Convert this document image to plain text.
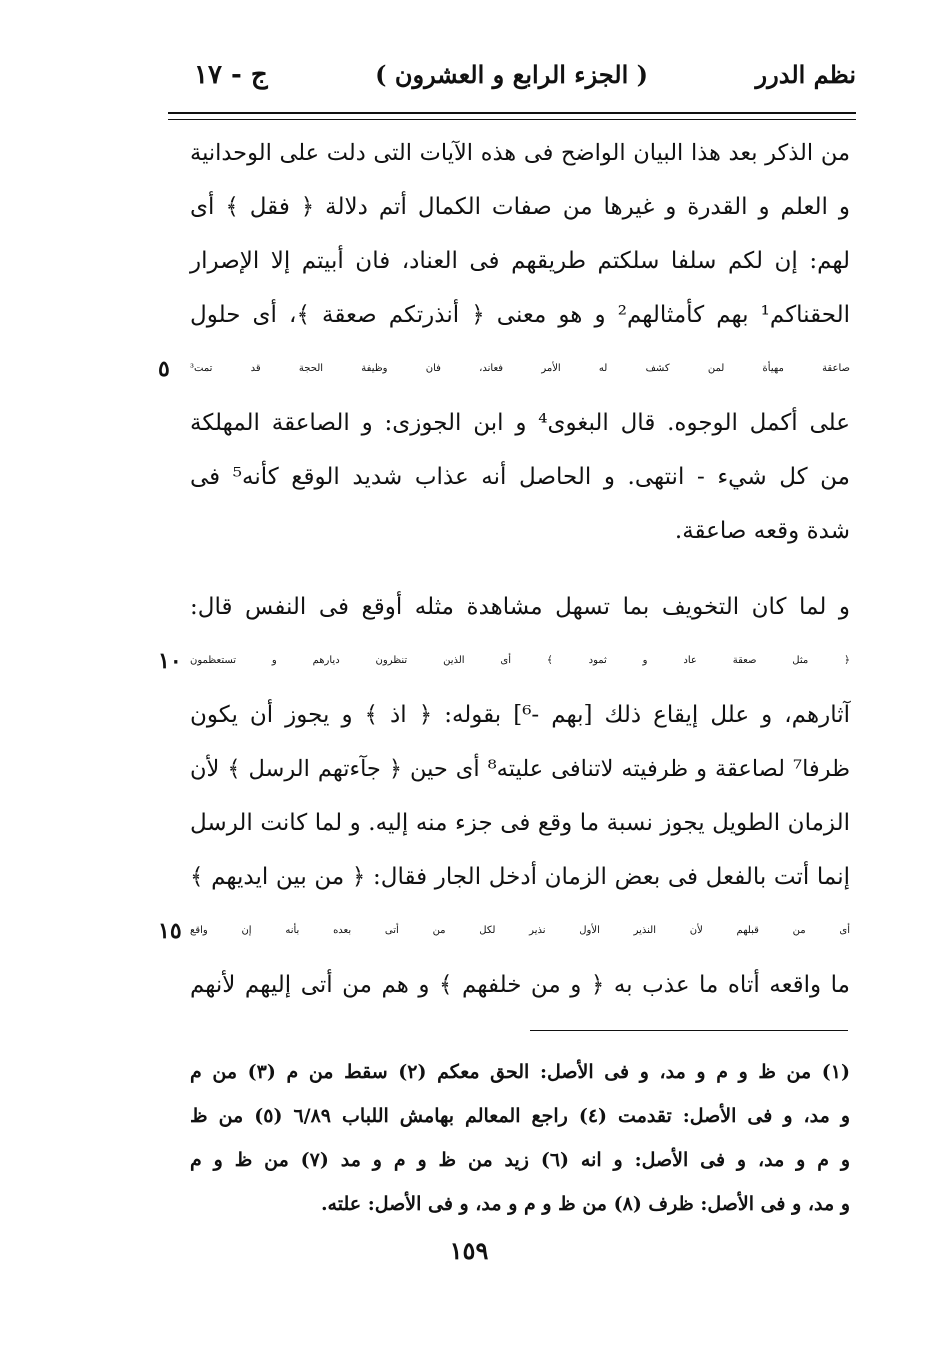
نظم الدرر
( الجزء الرابع و العشرون )
ج - ١٧
من الذكر بعد هذا البيان الواضح فى هذه الآيات التى دلت على الوحدانية
و العلم و القدرة و غيرها من صفات الكمال أتم دلالة ﴿ فقل ﴾ أى
لهم: إن لكم سلفا سلكتم طريقهم فى العناد، فان أبيتم إلا الإصرار
الحقناكم¹ بهم كأمثالهم² و هو معنى ﴿ أنذرتكم صعقة ﴾، أى حلول
صاعقة مهيأة لمن كشف له الأمر فعاند، فان وظيفة الحجة قد تمت³
٥
على أكمل الوجوه. قال البغوى⁴ و ابن الجوزى: و الصاعقة المهلكة
من كل شيء - انتهى. و الحاصل أنه عذاب شديد الوقع كأنه⁵ فى
شدة وقعه صاعقة.
و لما كان التخويف بما تسهل مشاهدة مثله أوقع فى النفس قال:
﴿ مثل صعقة عاد و ثمود ﴾ أى الذين تنظرون ديارهم و تستعظمون
١٠
آثارهم، و علل إيقاع ذلك [بهم -⁶] بقوله: ﴿ اذ ﴾ و يجوز أن يكون
ظرفا⁷ لصاعقة و ظرفيته لاتنافى عليته⁸ أى حين ﴿ جآءتهم الرسل ﴾ لأن
الزمان الطويل يجوز نسبة ما وقع فى جزء منه إليه. و لما كانت الرسل
إنما أتت بالفعل فى بعض الزمان أدخل الجار فقال: ﴿ من بين ايديهم ﴾
أى من قبلهم لأن النذير الأول نذير لكل من أتى بعده بأنه إن واقع
١٥
ما واقعه أتاه ما عذب به ﴿ و من خلفهم ﴾ و هم من أتى إليهم لأنهم
(١) من ظ و م و مد، و فى الأصل: الحق معكم (٢) سقط من م (٣) من م
و مد، و فى الأصل: تقدمت (٤) راجع المعالم بهامش اللباب ٦/٨٩ (٥) من ظ
و م و مد، و فى الأصل: و انه (٦) زيد من ظ و م و مد (٧) من ظ و م
و مد، و فى الأصل: ظرف (٨) من ظ و م و مد، و فى الأصل: علته.
١٥٩
